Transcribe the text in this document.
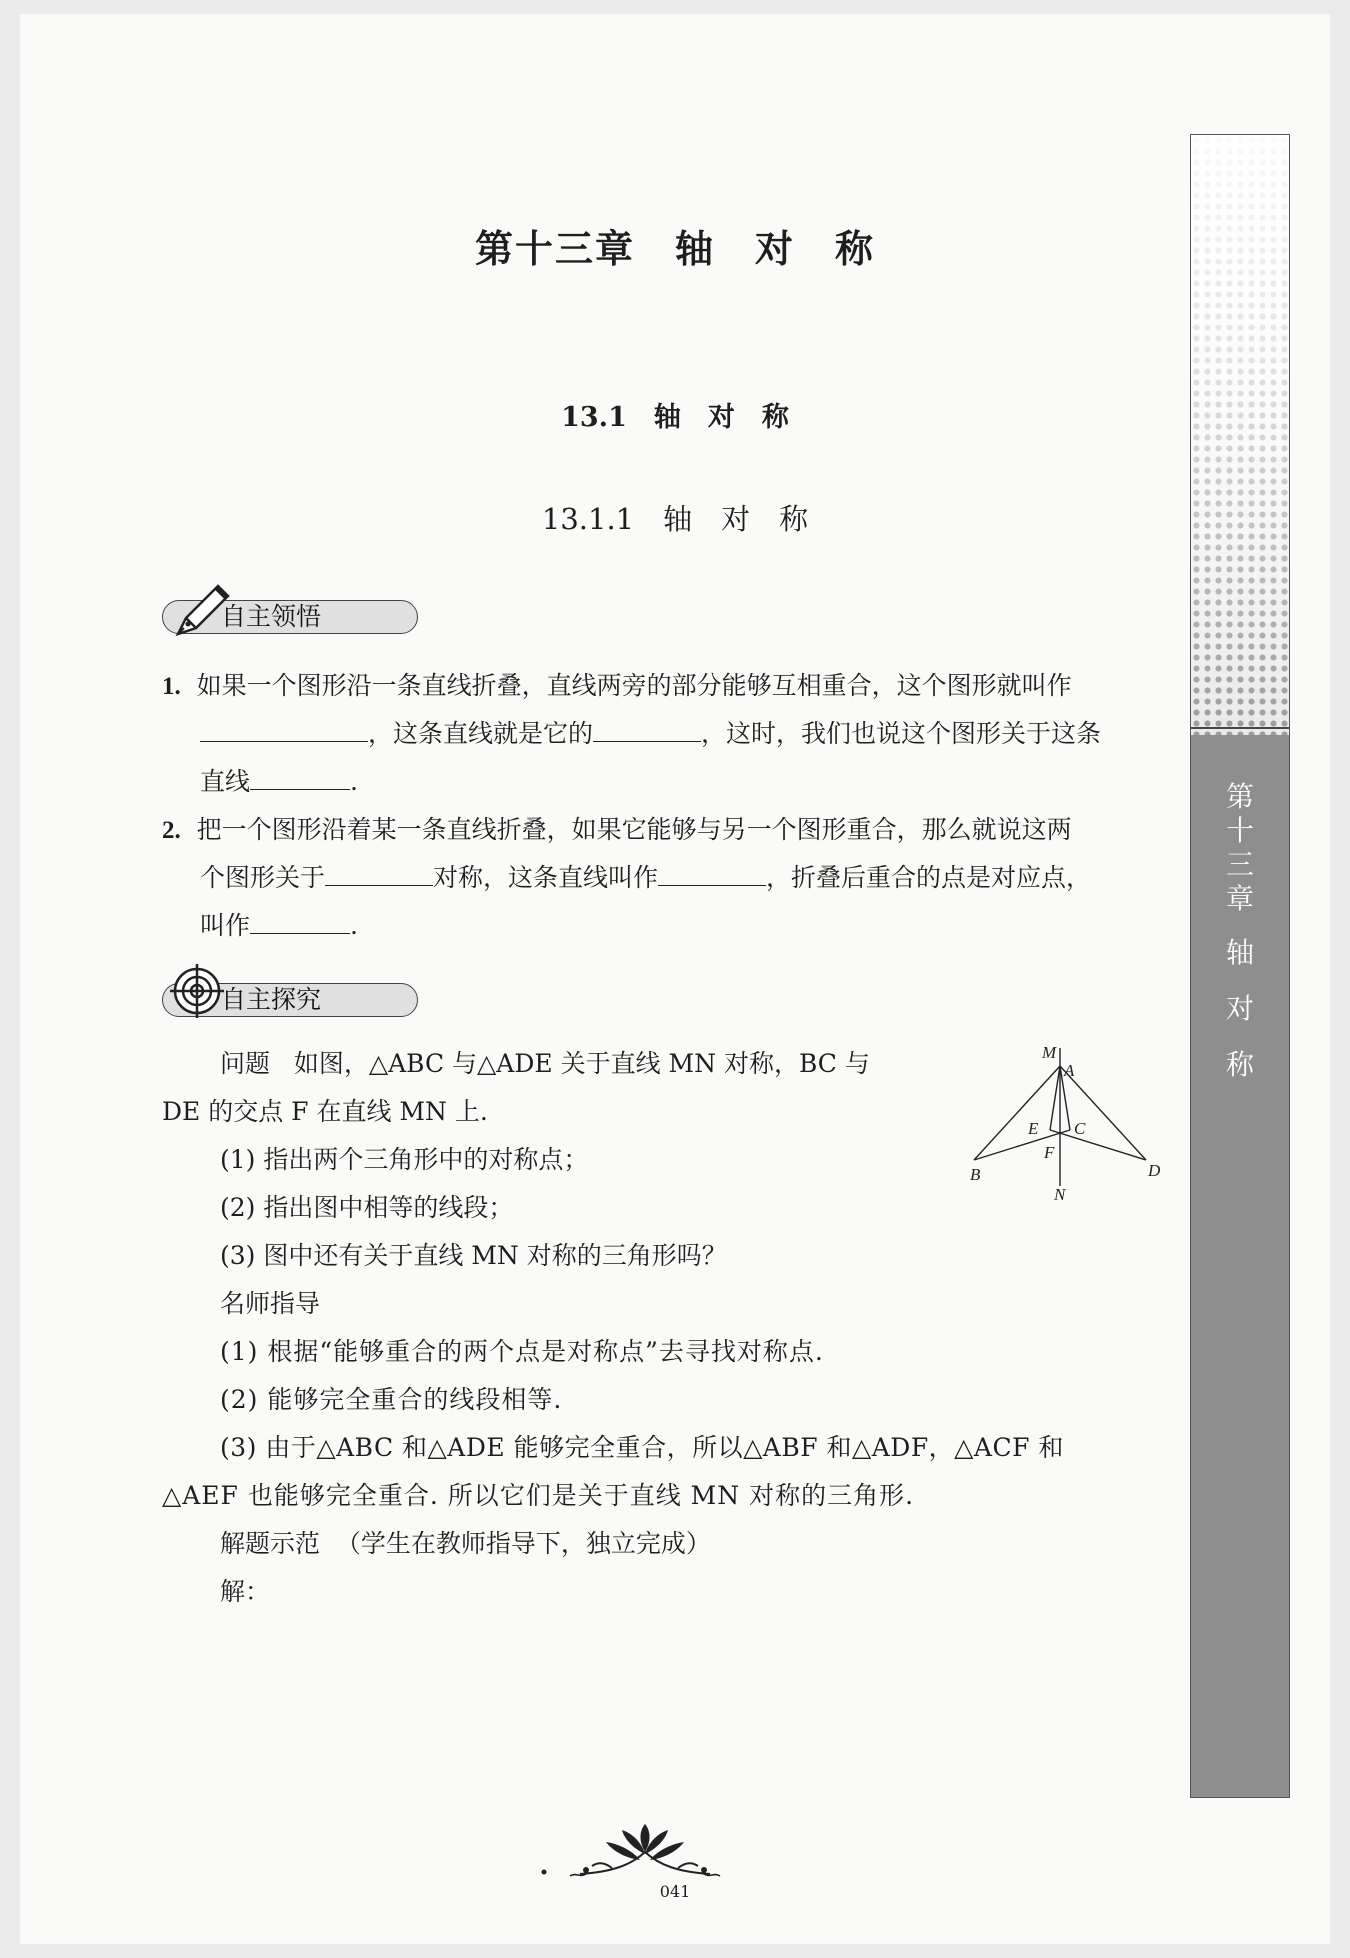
第
十
三
章
轴
对
称
第十三章　轴　对　称
13.1　轴　对　称
13.1.1　轴　对　称
自主领悟
1. 如果一个图形沿一条直线折叠，直线两旁的部分能够互相重合，这个图形就叫作
，这条直线就是它的	，这时，我们也说这个图形关于这条
直线	.
2. 把一个图形沿着某一条直线折叠，如果它能够与另一个图形重合，那么就说这两
个图形关于	对称，这条直线叫作	，折叠后重合的点是对应点，
叫作	.
自主探究
问题 如图，△ABC 与△ADE 关于直线 MN 对称，BC 与
DE 的交点 F 在直线 MN 上.
(1) 指出两个三角形中的对称点；
(2) 指出图中相等的线段；
(3) 图中还有关于直线 MN 对称的三角形吗？
M
A
E C
F
B	D
N
名师指导
(1) 根据“能够重合的两个点是对称点”去寻找对称点.
(2) 能够完全重合的线段相等.
(3) 由于△ABC 和△ADE 能够完全重合，所以△ABF 和△ADF，△ACF 和
△AEF 也能够完全重合. 所以它们是关于直线 MN 对称的三角形.
解题示范 （学生在教师指导下，独立完成）
解：
041
